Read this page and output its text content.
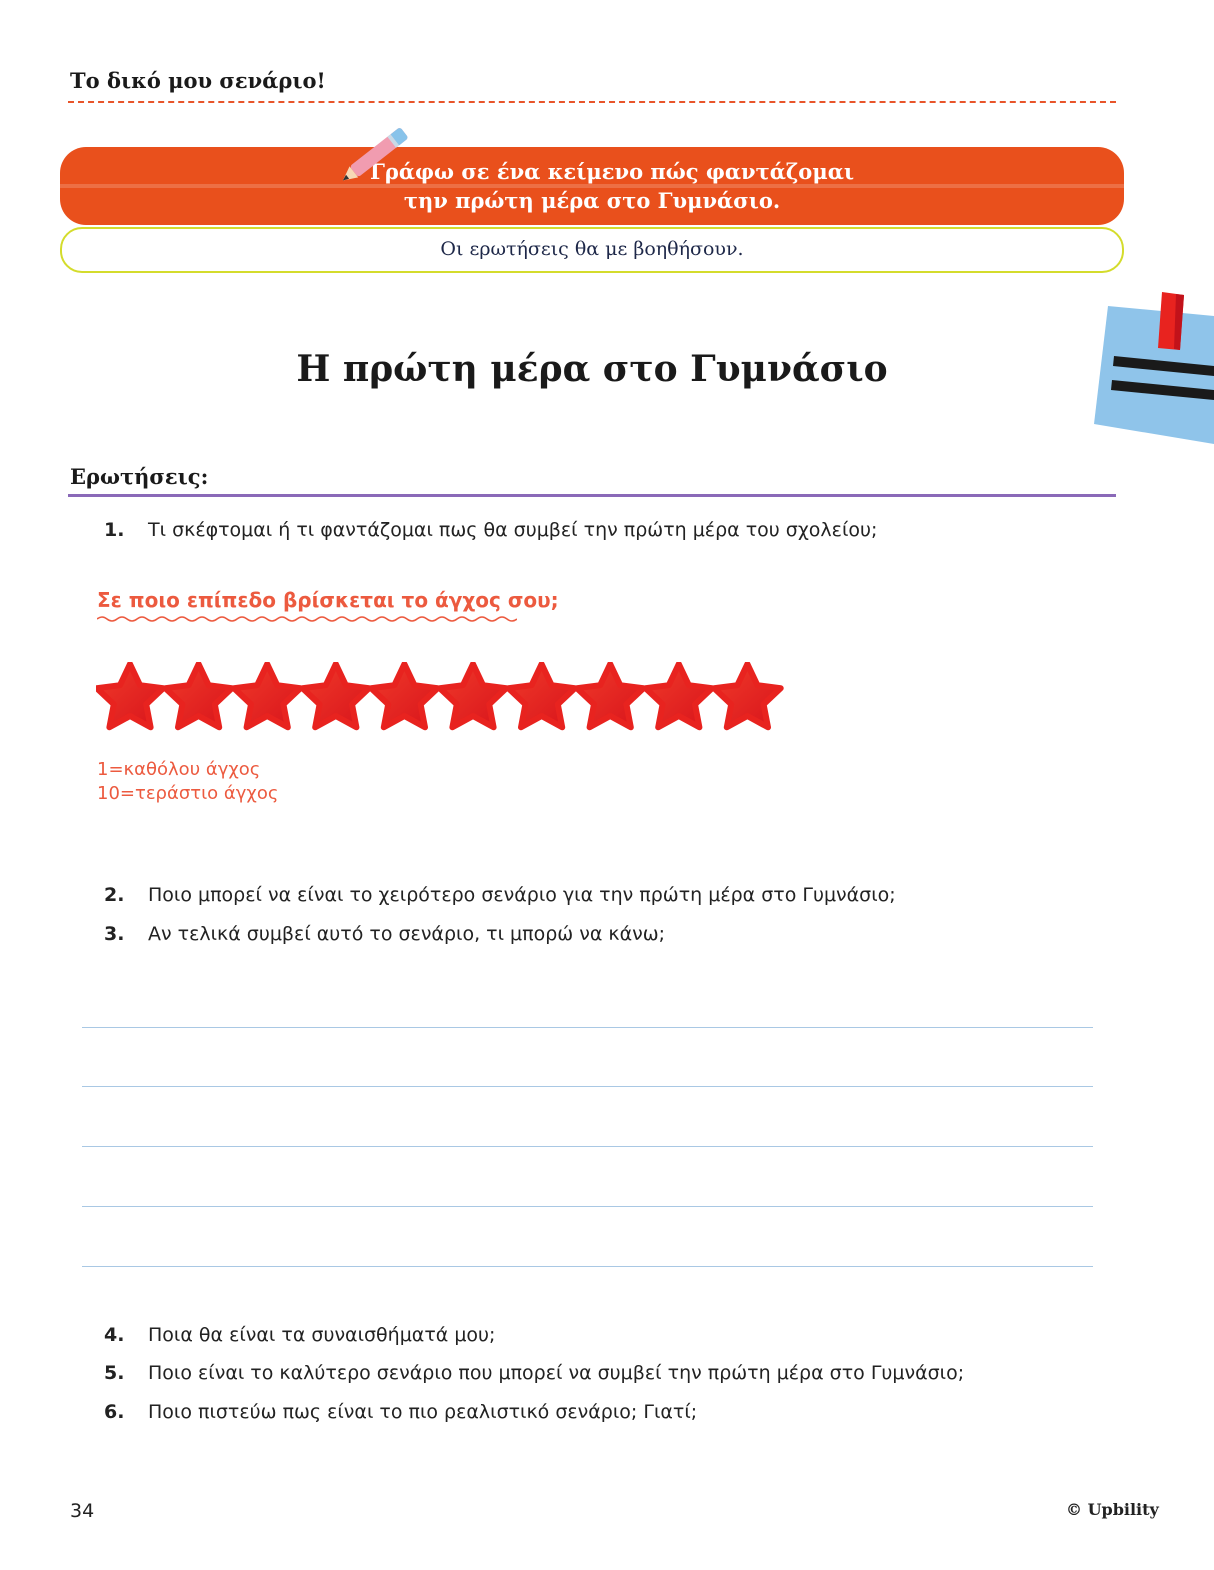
Το δικό μου σενάριο!
Γράφω σε ένα κείμενο πώς φαντάζομαι
την πρώτη μέρα στο Γυμνάσιο.
Οι ερωτήσεις θα με βοηθήσουν.
Η πρώτη μέρα στο Γυμνάσιο
Ερωτήσεις:
1. Τι σκέφτομαι ή τι φαντάζομαι πως θα συμβεί την πρώτη μέρα του σχολείου;
Σε ποιο επίπεδο βρίσκεται το άγχος σου;
1=καθόλου άγχος
10=τεράστιο άγχος
2. Ποιο μπορεί να είναι το χειρότερο σενάριο για την πρώτη μέρα στο Γυμνάσιο;
3. Αν τελικά συμβεί αυτό το σενάριο, τι μπορώ να κάνω;
4. Ποια θα είναι τα συναισθήματά μου;
5. Ποιο είναι το καλύτερο σενάριο που μπορεί να συμβεί την πρώτη μέρα στο Γυμνάσιο;
6. Ποιο πιστεύω πως είναι το πιο ρεαλιστικό σενάριο; Γιατί;
34	© Upbility
